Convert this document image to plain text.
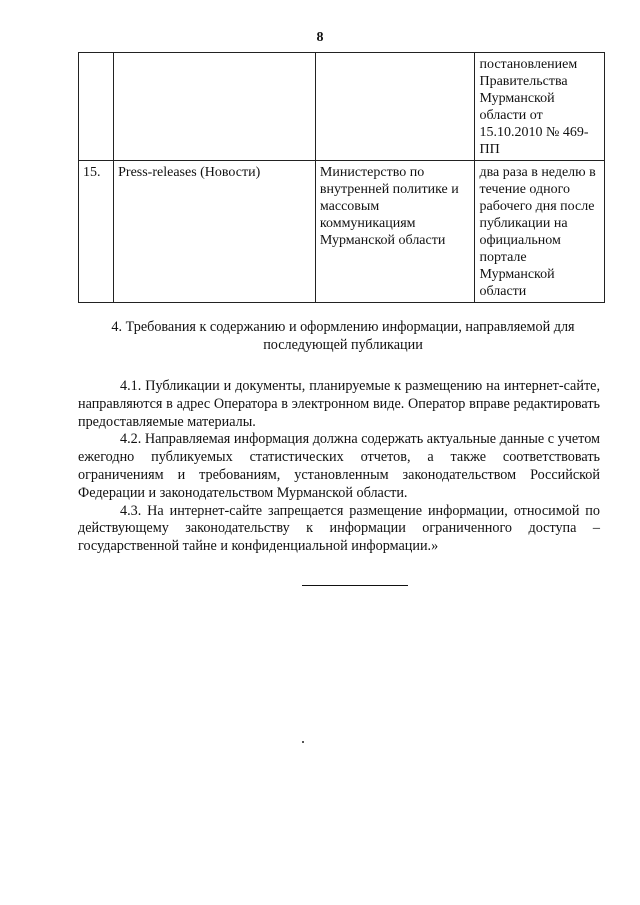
8
			постановлением Правительства Мурманской области от 15.10.2010 № 469-ПП
15.	Press-releases (Новости)	Министерство по внутренней политике и массовым коммуникациям Мурманской области	два раза в неделю в течение одного рабочего дня после публикации на официальном портале Мурманской области
4. Требования к содержанию и оформлению информации, направляемой для
последующей публикации

4.1. Публикации и документы, планируемые к размещению на интернет-сайте, направляются в адрес Оператора в электронном виде. Оператор вправе редактировать предоставляемые материалы.

4.2. Направляемая информация должна содержать актуальные данные с учетом ежегодно публикуемых статистических отчетов, а также соответствовать ограничениям и требованиям, установленным законодательством Российской Федерации и законодательством Мурманской области.

4.3. На интернет-сайте запрещается размещение информации, относимой по действующему законодательству к информации ограниченного доступа – государственной тайне и конфиденциальной информации.»
